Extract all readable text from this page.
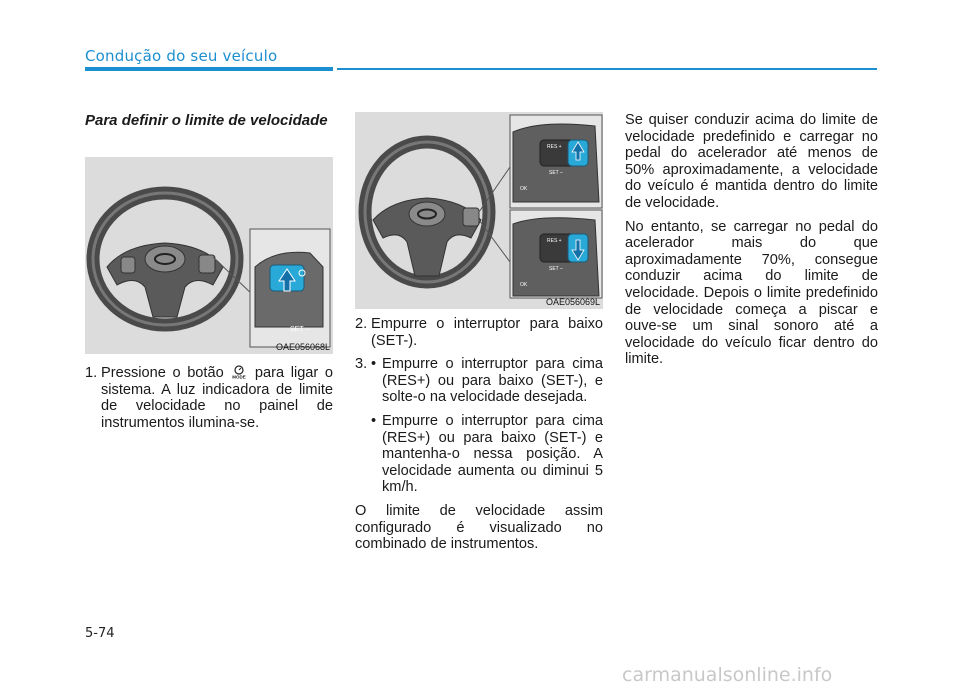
Condução do seu veículo

Para definir o limite de velocidade

SET –
OAE056068L
1. Pressione o botão MODE para ligar o sistema. A luz indicadora de limite de velocidade no painel de instrumentos ilumina-se.
RES +
SET –
OK
RES +
SET –
OK
OAE056069L
2. Empurre o interruptor para baixo (SET-).
3. • Empurre o interruptor para cima (RES+) ou para baixo (SET-), e solte-o na velocidade desejada.
• Empurre o interruptor para cima (RES+) ou para baixo (SET-) e mantenha-o nessa posição. A velocidade aumenta ou diminui 5 km/h.

O limite de velocidade assim configurado é visualizado no combinado de instrumentos.

Se quiser conduzir acima do limite de velocidade predefinido e carregar no pedal do acelerador até menos de 50% aproximadamente, a velocidade do veículo é mantida dentro do limite de velocidade.

No entanto, se carregar no pedal do acelerador mais do que aproximadamente 70%, consegue conduzir acima do limite de velocidade. Depois o limite predefinido de velocidade começa a piscar e ouve-se um sinal sonoro até a velocidade do veículo ficar dentro do limite.

5-74
carmanualsonline.info
